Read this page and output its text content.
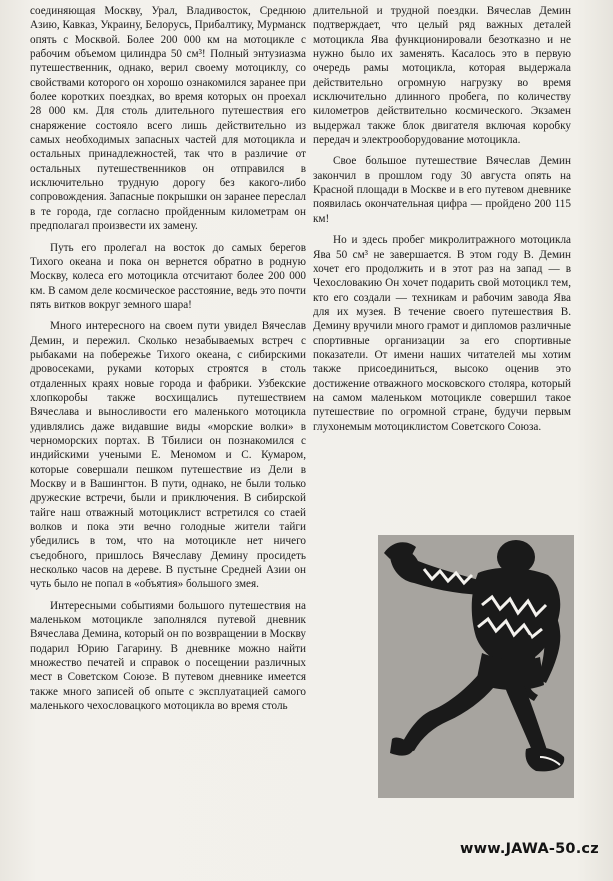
соединяющая Москву, Урал, Владивосток, Среднюю Азию, Кавказ, Украину, Белорусь, Прибалтику, Мурманск опять с Москвой. Более 200 000 км на мотоцикле с рабочим объемом цилиндра 50 см³! Полный энтузиазма путешественник, однако, верил своему мотоциклу, со свойствами которого он хорошо ознакомился заранее при более коротких поездках, во время которых он проехал 28 000 км. Для столь длительного путешествия его снаряжение состояло всего лишь действительно из самых необходимых запасных частей для мотоцикла и остальных принадлежностей, так что в различие от остальных путешественников он отправился в исключительно трудную дорогу без какого-либо сопровождения. Запасные покрышки он заранее переслал в те города, где согласно пройденным километрам он предполагал произвести их замену.

Путь его пролегал на восток до самых берегов Тихого океана и пока он вернется обратно в родную Москву, колеса его мотоцикла отсчитают более 200 000 км. В самом деле космическое расстояние, ведь это почти пять витков вокруг земного шара!

Много интересного на своем пути увидел Вячеслав Демин, и пережил. Сколько незабываемых встреч с рыбаками на побережье Тихого океана, с сибирскими дровосеками, руками которых строятся в столь отдаленных краях новые города и фабрики. Узбекские хлопкоробы также восхищались путешествием Вячеслава и выносливости его маленького мотоцикла удивлялись даже видавшие виды «морские волки» в черноморских портах. В Тбилиси он познакомился с индийскими учеными Е. Меномом и С. Кумаром, которые совершали пешком путешествие из Дели в Москву и в Вашингтон. В пути, однако, не были только дружеские встречи, были и приключения. В сибирской тайге наш отважный мотоциклист встретился со стаей волков и пока эти вечно голодные жители тайги убедились в том, что на мотоцикле нет ничего съедобного, пришлось Вячеславу Демину просидеть несколько часов на дереве. В пустыне Средней Азии он чуть было не попал в «объятия» большого змея.

Интересными событиями большого путешествия на маленьком мотоцикле заполнялся путевой дневник Вячеслава Демина, который он по возвращении в Москву подарил Юрию Гагарину. В дневнике можно найти множество печатей и справок о посещении различных мест в Советском Союзе. В путевом дневнике имеется также много записей об опыте с эксплуатацией самого маленького чехословацкого мотоцикла во время столь

длительной и трудной поездки. Вячеслав Демин подтверждает, что целый ряд важных деталей мотоцикла Ява функционировали безотказно и не нужно было их заменять. Касалось это в первую очередь рамы мотоцикла, которая выдержала действительно огромную нагрузку во время исключительно длинного пробега, по количеству километров действительно космического. Экзамен выдержал также блок двигателя включая коробку передач и электрооборудование мотоцикла.

Свое большое путешествие Вячеслав Демин закончил в прошлом году 30 августа опять на Красной площади в Москве и в его путевом дневнике появилась окончательная цифра — пройдено 200 115 км!

Но и здесь пробег микролитражного мотоцикла Ява 50 см³ не завершается. В этом году В. Демин хочет его продолжить и в этот раз на запад — в Чехословакию Он хочет подарить свой мотоцикл тем, кто его создали — техникам и рабочим завода Ява для их музея. В течение своего путешествия В. Демину вручили много грамот и дипломов различные спортивные организации за его спортивные показатели. От имени наших читателей мы хотим также присоединиться, высоко оценив это достижение отважного московского столяра, который на самом маленьком мотоцикле совершил такое путешествие по огромной стране, будучи первым глухонемым мотоциклистом Советского Союза.

www.JAWA-50.cz
